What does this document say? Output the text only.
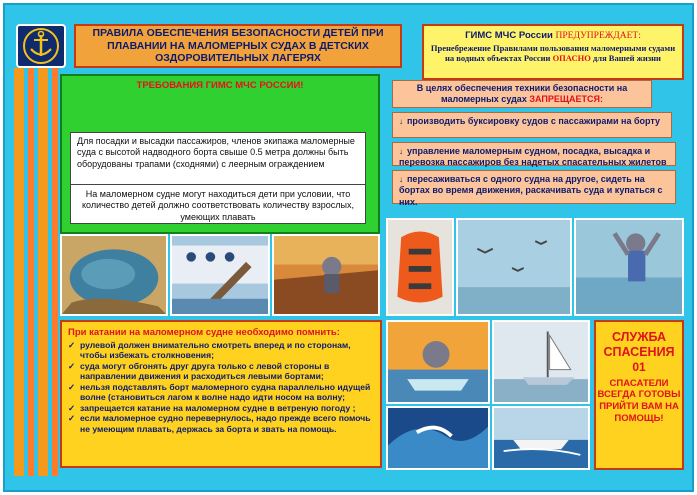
ПРАВИЛА ОБЕСПЕЧЕНИЯ БЕЗОПАСНОСТИ ДЕТЕЙ ПРИ ПЛАВАНИИ НА МАЛОМЕРНЫХ СУДАХ В ДЕТСКИХ ОЗДОРОВИТЕЛЬНЫХ ЛАГЕРЯХ
ГИМС МЧС России ПРЕДУПРЕЖДАЕТ:
Пренебрежение Правилами пользования маломерными судами на водных объектах России ОПАСНО для Вашей жизни
ТРЕБОВАНИЯ ГИМС МЧС РОССИИ!
Для посадки и высадки пассажиров, членов экипажа маломерные суда с высотой надводного борта свыше 0.5 метра должны быть оборудованы трапами (сходнями) с леерным ограждением
На маломерном судне могут находиться дети при условии, что количество детей должно соответствовать количеству взрослых, умеющих плавать
В целях обеспечения техники безопасности на маломерных судах ЗАПРЕЩАЕТСЯ:
↓ производить буксировку судов с пассажирами на борту
↓ управление маломерным судном, посадка, высадка и перевозка пассажиров без надетых спасательных жилетов
↓ пересаживаться с одного судна на другое, сидеть на бортах во время движения, раскачивать суда и купаться с них.
При катании на маломерном судне необходимо помнить:
✓ рулевой должен внимательно смотреть вперед и по сторонам, чтобы избежать столкновения;
✓ суда могут обгонять друг друга только с левой стороны в направлении движения и расходиться левыми бортами;
✓ нельзя подставлять борт маломерного судна параллельно идущей волне (становиться лагом к волне надо идти носом на волну;
✓ запрещается катание на маломерном судне в ветреную погоду ;
✓ если маломерное судно перевернулось, надо прежде всего помочь не умеющим плавать, держась за борта и звать на помощь.
СЛУЖБА СПАСЕНИЯ
01
СПАСАТЕЛИ ВСЕГДА ГОТОВЫ ПРИЙТИ ВАМ НА ПОМОЩЬ!
